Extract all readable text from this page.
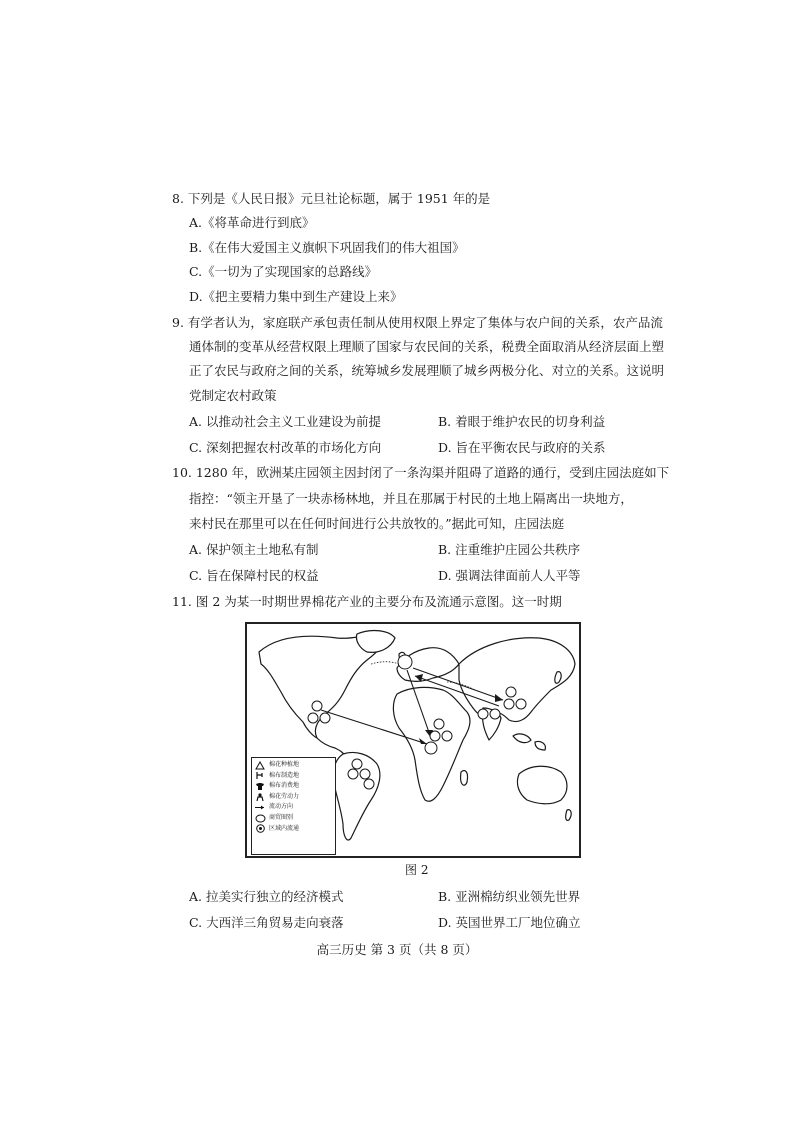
8. 下列是《人民日报》元旦社论标题，属于 1951 年的是
A.《将革命进行到底》
B.《在伟大爱国主义旗帜下巩固我们的伟大祖国》
C.《一切为了实现国家的总路线》
D.《把主要精力集中到生产建设上来》
9. 有学者认为，家庭联产承包责任制从使用权限上界定了集体与农户间的关系，农产品流
通体制的变革从经营权限上理顺了国家与农民间的关系，税费全面取消从经济层面上塑
正了农民与政府之间的关系，统筹城乡发展理顺了城乡两极分化、对立的关系。这说明
党制定农村政策
A. 以推动社会主义工业建设为前提	B. 着眼于维护农民的切身利益
C. 深刻把握农村改革的市场化方向	D. 旨在平衡农民与政府的关系
10. 1280 年，欧洲某庄园领主因封闭了一条沟渠并阻碍了道路的通行，受到庄园法庭如下
指控：“领主开垦了一块赤杨林地，并且在那属于村民的土地上隔离出一块地方，
来村民在那里可以在任何时间进行公共放牧的。”据此可知，庄园法庭
A. 保护领主土地私有制	B. 注重维护庄园公共秩序
C. 旨在保障村民的权益	D. 强调法律面前人人平等
11. 图 2 为某一时期世界棉花产业的主要分布及流通示意图。这一时期
棉花种植地
棉布制造地
棉布消费地
棉花劳动力
流动方向
商贸圈别
区域内流通
图 2
A. 拉美实行独立的经济模式	B. 亚洲棉纺织业领先世界
C. 大西洋三角贸易走向衰落	D. 英国世界工厂地位确立
高三历史 第 3 页（共 8 页）
